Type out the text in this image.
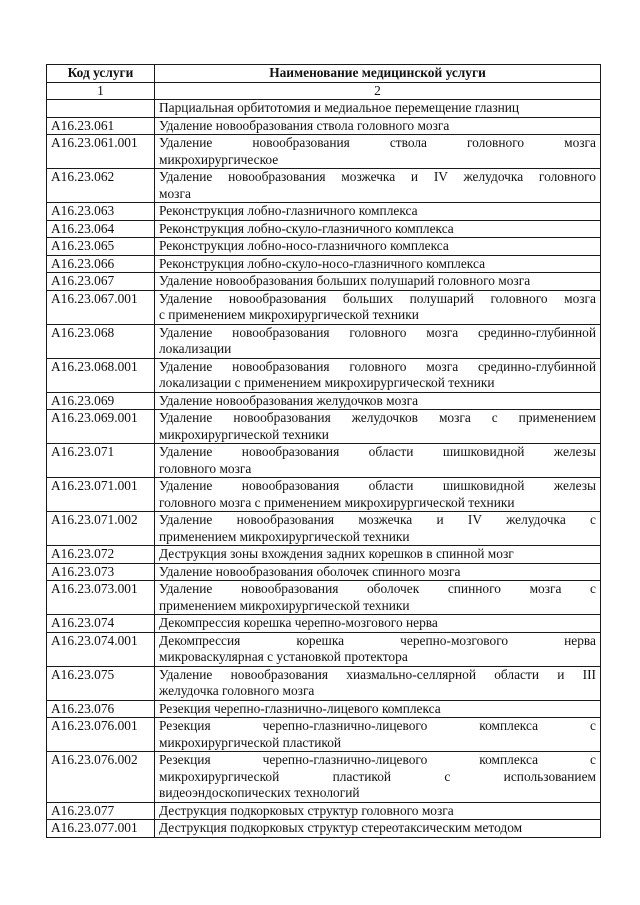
Код услуги	Наименование медицинской услуги
1	2

	Парциальная орбитотомия и медиальное перемещение глазниц

A16.23.061	Удаление новообразования ствола головного мозга

A16.23.061.001	Удаление новообразования ствола головного мозга
микрохирургическое

A16.23.062	Удаление новообразования мозжечка и IV желудочка головного
мозга

A16.23.063	Реконструкция лобно-глазничного комплекса

A16.23.064	Реконструкция лобно-скуло-глазничного комплекса

A16.23.065	Реконструкция лобно-носо-глазничного комплекса

A16.23.066	Реконструкция лобно-скуло-носо-глазничного комплекса

A16.23.067	Удаление новообразования больших полушарий головного мозга

A16.23.067.001	Удаление новообразования больших полушарий головного мозга
с применением микрохирургической техники

A16.23.068	Удаление новообразования головного мозга срединно-глубинной
локализации

A16.23.068.001	Удаление новообразования головного мозга срединно-глубинной
локализации с применением микрохирургической техники

A16.23.069	Удаление новообразования желудочков мозга

A16.23.069.001	Удаление новообразования желудочков мозга с применением
микрохирургической техники

A16.23.071	Удаление новообразования области шишковидной железы
головного мозга

A16.23.071.001	Удаление новообразования области шишковидной железы
головного мозга с применением микрохирургической техники

A16.23.071.002	Удаление новообразования мозжечка и IV желудочка с
применением микрохирургической техники

A16.23.072	Деструкция зоны вхождения задних корешков в спинной мозг

A16.23.073	Удаление новообразования оболочек спинного мозга

A16.23.073.001	Удаление новообразования оболочек спинного мозга с
применением микрохирургической техники

A16.23.074	Декомпрессия корешка черепно-мозгового нерва

A16.23.074.001	Декомпрессия корешка черепно-мозгового нерва
микроваскулярная с установкой протектора

A16.23.075	Удаление новообразования хиазмально-селлярной области и III
желудочка головного мозга

A16.23.076	Резекция черепно-глазнично-лицевого комплекса

A16.23.076.001	Резекция черепно-глазнично-лицевого комплекса с
микрохирургической пластикой

A16.23.076.002	Резекция черепно-глазнично-лицевого комплекса с
микрохирургической пластикой с использованием
видеоэндоскопических технологий

A16.23.077	Деструкция подкорковых структур головного мозга

A16.23.077.001	Деструкция подкорковых структур стереотаксическим методом
